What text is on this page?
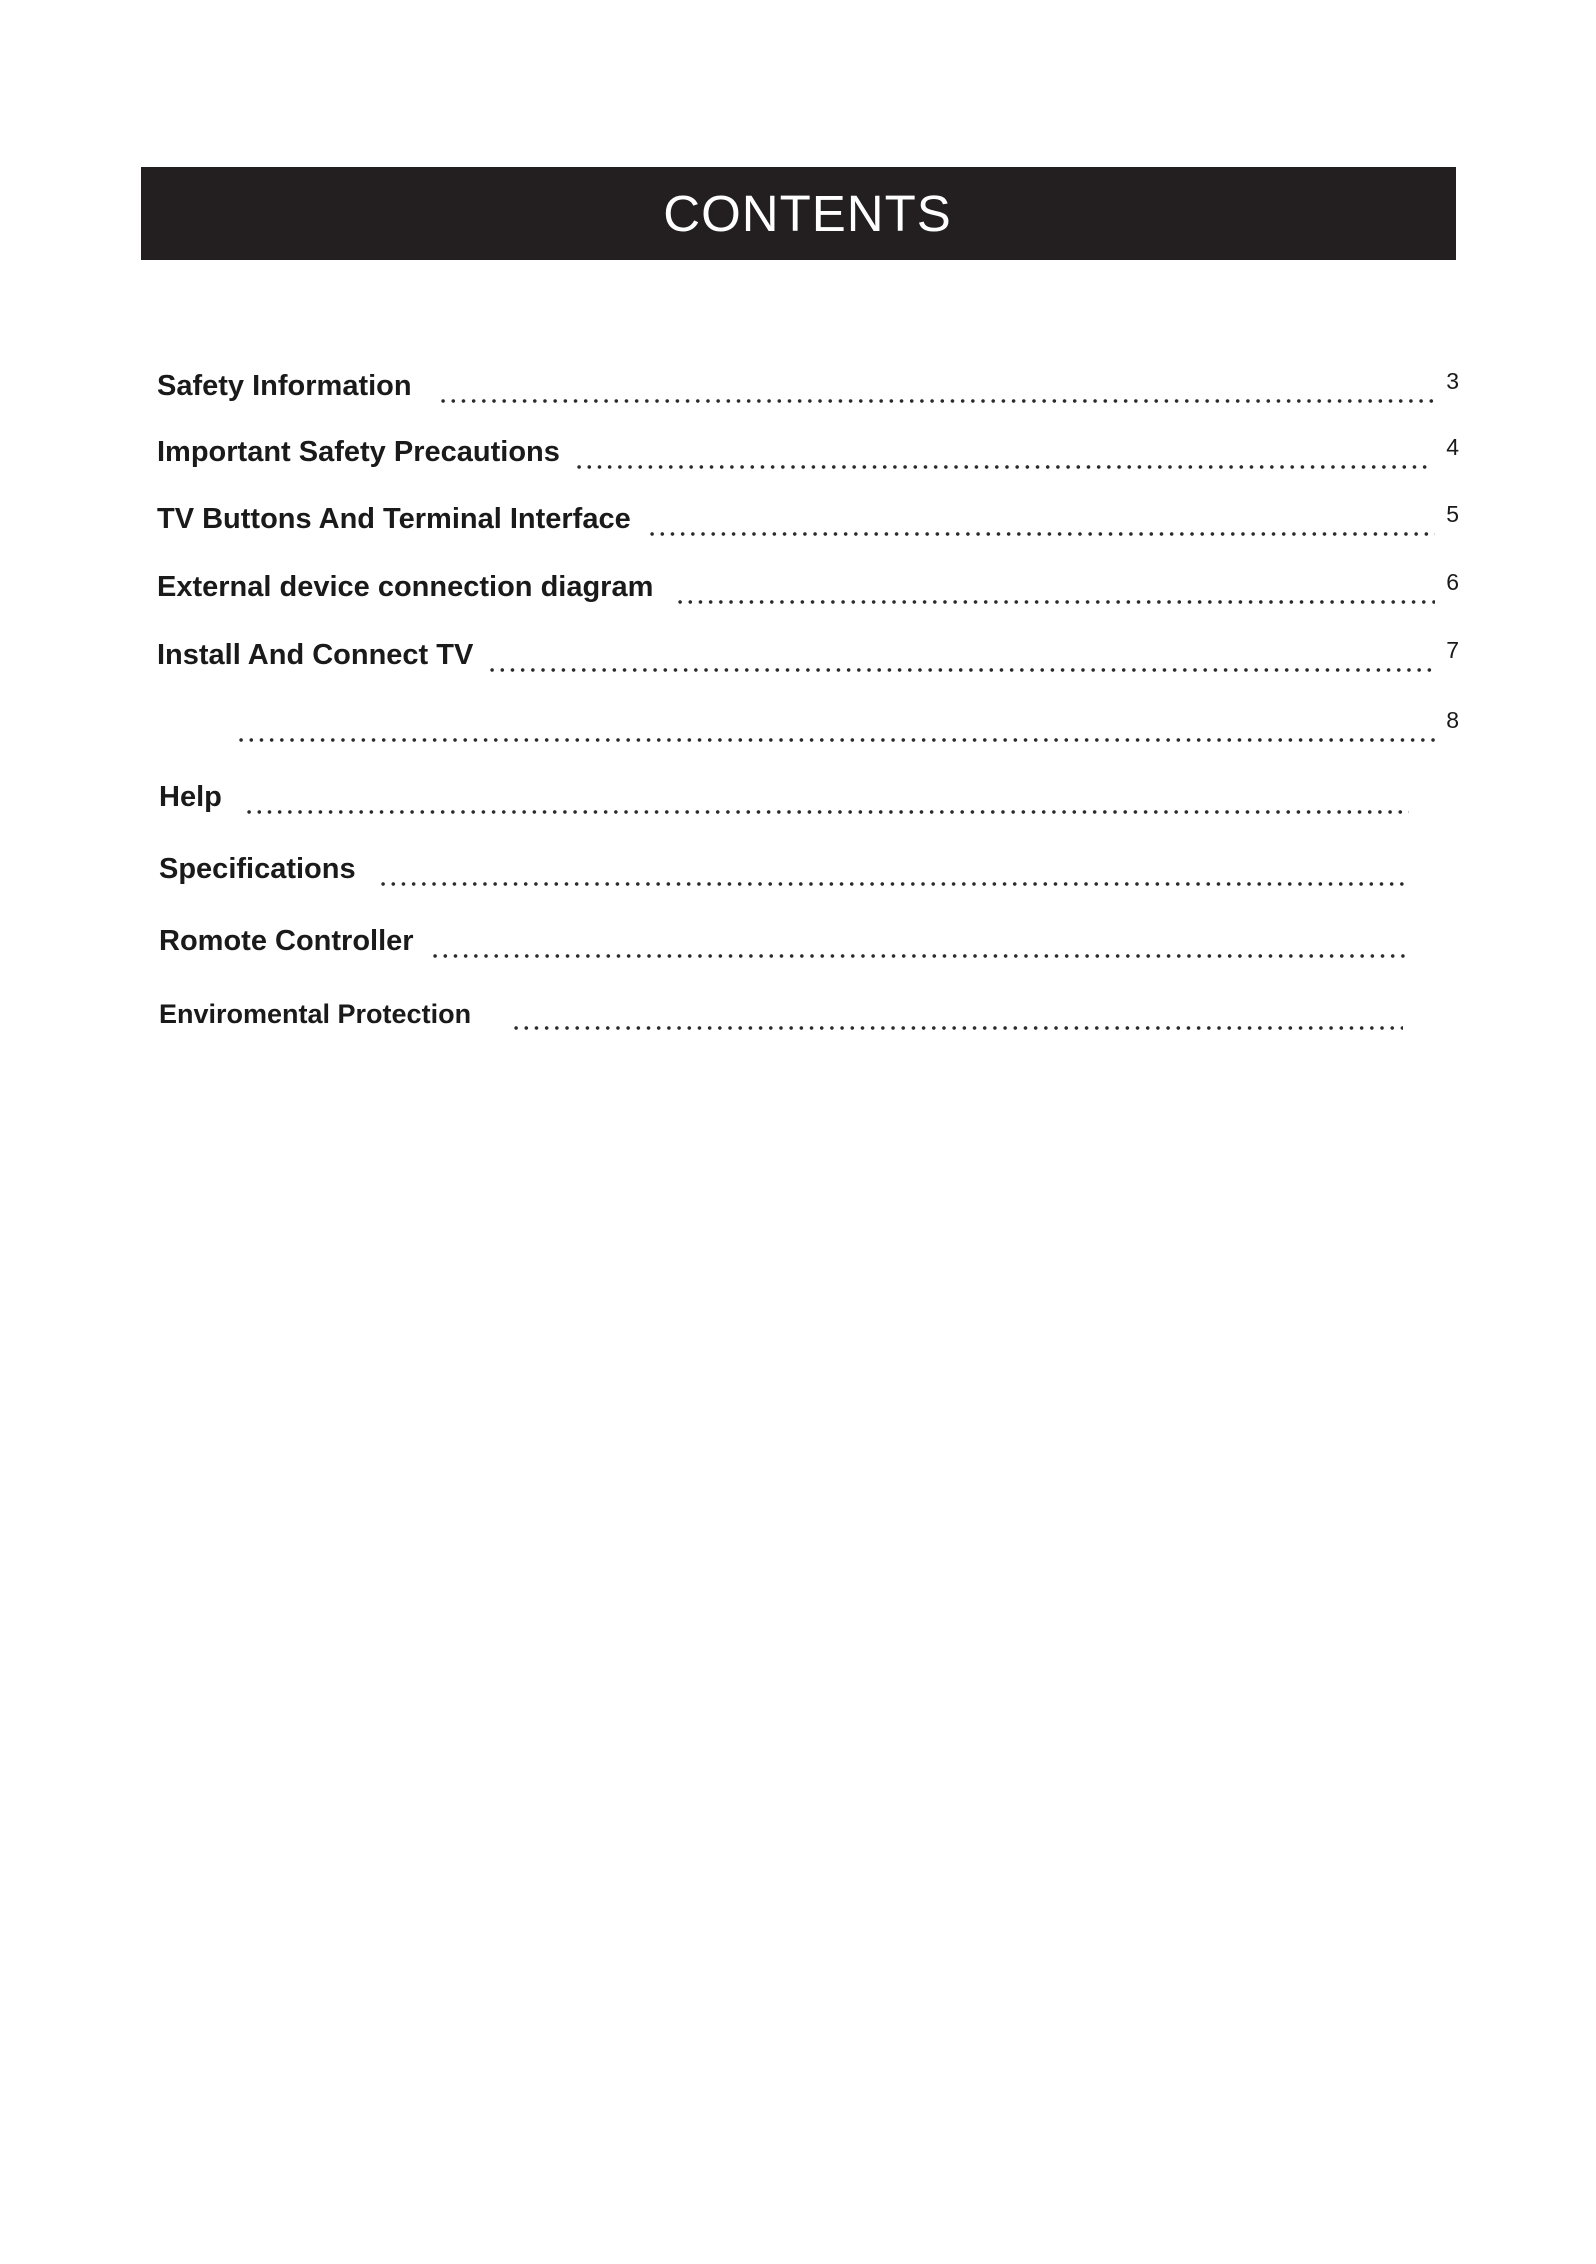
CONTENTS
Safety Information	3
Important Safety Precautions	4
TV Buttons And Terminal Interface	5
External device connection diagram	6
Install And Connect TV	7
8
Help
Specifications
Romote Controller
Enviromental Protection
